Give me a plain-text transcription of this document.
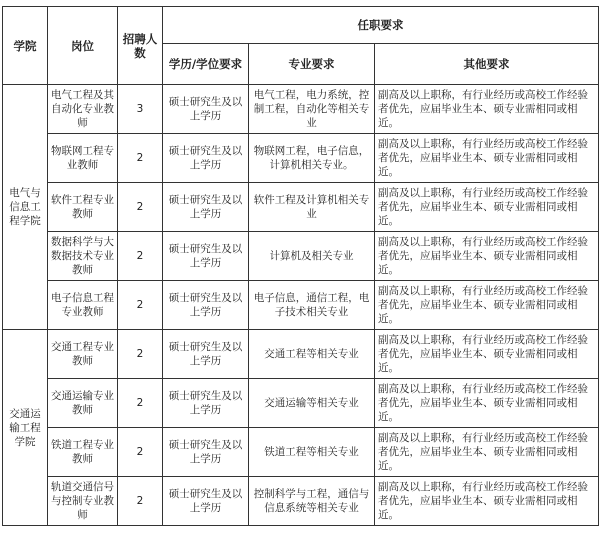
学院	岗位	招聘人数	任职要求		
			学历/学位要求	专业要求	其他要求
电气与信息工程学院	电气工程及其自动化专业教师	3	硕士研究生及以上学历	电气工程，电力系统，控制工程，自动化等相关专业	副高及以上职称，有行业经历或高校工作经验者优先，应届毕业生本、硕专业需相同或相近。
	物联网工程专业教师	2	硕士研究生及以上学历	物联网工程，电子信息，计算机相关专业。	副高及以上职称，有行业经历或高校工作经验者优先，应届毕业生本、硕专业需相同或相近。
	软件工程专业教师	2	硕士研究生及以上学历	软件工程及计算机相关专业	副高及以上职称，有行业经历或高校工作经验者优先，应届毕业生本、硕专业需相同或相近。
	数据科学与大数据技术专业教师	2	硕士研究生及以上学历	计算机及相关专业	副高及以上职称，有行业经历或高校工作经验者优先，应届毕业生本、硕专业需相同或相近。
	电子信息工程专业教师	2	硕士研究生及以上学历	电子信息，通信工程，电子技术相关专业	副高及以上职称，有行业经历或高校工作经验者优先，应届毕业生本、硕专业需相同或相近。
交通运输工程学院	交通工程专业教师	2	硕士研究生及以上学历	交通工程等相关专业	副高及以上职称，有行业经历或高校工作经验者优先，应届毕业生本、硕专业需相同或相近。
	交通运输专业教师	2	硕士研究生及以上学历	交通运输等相关专业	副高及以上职称，有行业经历或高校工作经验者优先，应届毕业生本、硕专业需相同或相近。
	铁道工程专业教师	2	硕士研究生及以上学历	铁道工程等相关专业	副高及以上职称，有行业经历或高校工作经验者优先，应届毕业生本、硕专业需相同或相近。
	轨道交通信号与控制专业教师	2	硕士研究生及以上学历	控制科学与工程，通信与信息系统等相关专业	副高及以上职称，有行业经历或高校工作经验者优先，应届毕业生本、硕专业需相同或相近。
